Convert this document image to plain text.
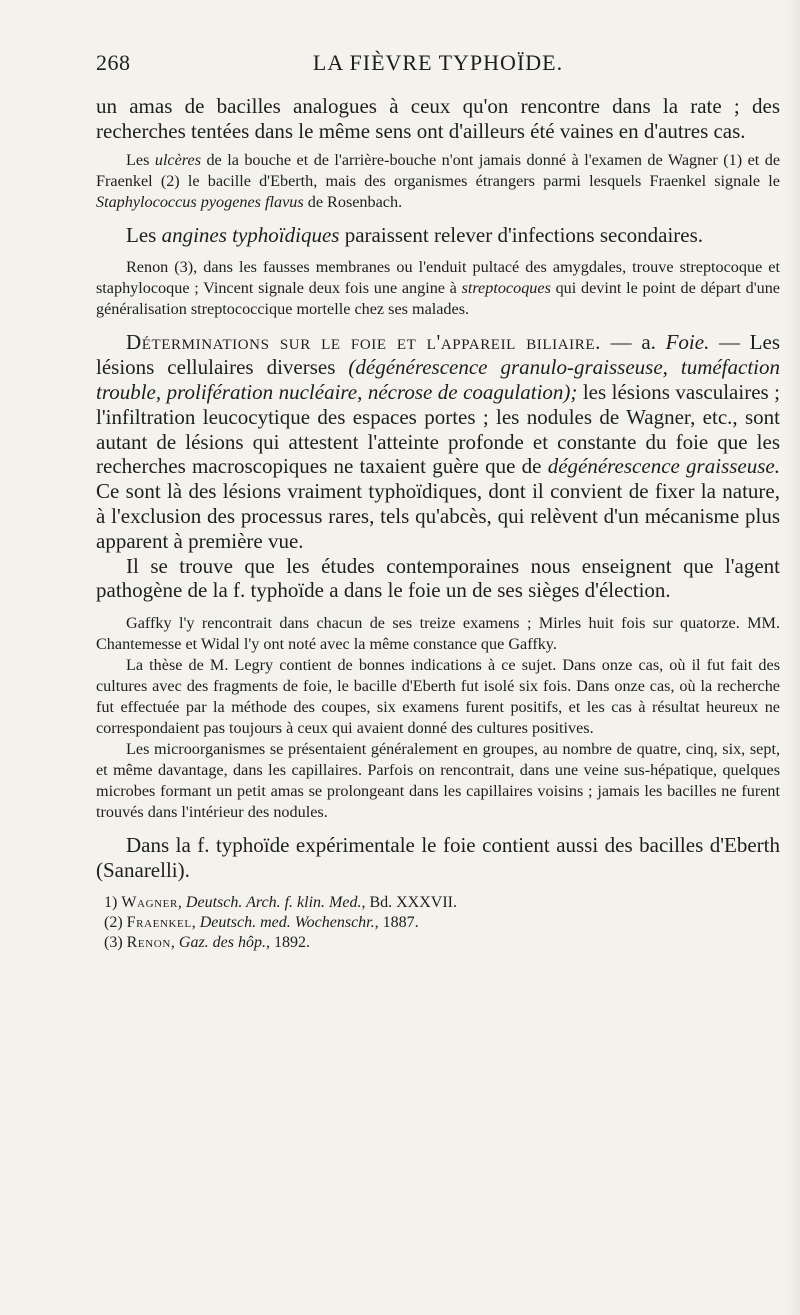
268	LA FIÈVRE TYPHOÏDE.

un amas de bacilles analogues à ceux qu'on rencontre dans la rate ; des recherches tentées dans le même sens ont d'ailleurs été vaines en d'autres cas.

Les ulcères de la bouche et de l'arrière-bouche n'ont jamais donné à l'examen de Wagner (1) et de Fraenkel (2) le bacille d'Eberth, mais des organismes étrangers parmi lesquels Fraenkel signale le Staphylococcus pyogenes flavus de Rosenbach.

Les angines typhoïdiques paraissent relever d'infections secondaires.

Renon (3), dans les fausses membranes ou l'enduit pultacé des amygdales, trouve streptocoque et staphylocoque ; Vincent signale deux fois une angine à streptocoques qui devint le point de départ d'une généralisation streptococcique mortelle chez ses malades.

Déterminations sur le foie et l'appareil biliaire. — a. Foie. — Les lésions cellulaires diverses (dégénérescence granulo-graisseuse, tuméfaction trouble, prolifération nucléaire, nécrose de coagulation); les lésions vasculaires ; l'infiltration leucocytique des espaces portes ; les nodules de Wagner, etc., sont autant de lésions qui attestent l'atteinte profonde et constante du foie que les recherches macroscopiques ne taxaient guère que de dégénérescence graisseuse. Ce sont là des lésions vraiment typhoïdiques, dont il convient de fixer la nature, à l'exclusion des processus rares, tels qu'abcès, qui relèvent d'un mécanisme plus apparent à première vue.

Il se trouve que les études contemporaines nous enseignent que l'agent pathogène de la f. typhoïde a dans le foie un de ses sièges d'élection.

Gaffky l'y rencontrait dans chacun de ses treize examens ; Mirles huit fois sur quatorze. MM. Chantemesse et Widal l'y ont noté avec la même constance que Gaffky.

La thèse de M. Legry contient de bonnes indications à ce sujet. Dans onze cas, où il fut fait des cultures avec des fragments de foie, le bacille d'Eberth fut isolé six fois. Dans onze cas, où la recherche fut effectuée par la méthode des coupes, six examens furent positifs, et les cas à résultat heureux ne correspondaient pas toujours à ceux qui avaient donné des cultures positives.

Les microorganismes se présentaient généralement en groupes, au nombre de quatre, cinq, six, sept, et même davantage, dans les capillaires. Parfois on rencontrait, dans une veine sus-hépatique, quelques microbes formant un petit amas se prolongeant dans les capillaires voisins ; jamais les bacilles ne furent trouvés dans l'intérieur des nodules.

Dans la f. typhoïde expérimentale le foie contient aussi des bacilles d'Eberth (Sanarelli).

1) Wagner, Deutsch. Arch. f. klin. Med., Bd. XXXVII.

(2) Fraenkel, Deutsch. med. Wochenschr., 1887.

(3) Renon, Gaz. des hôp., 1892.
